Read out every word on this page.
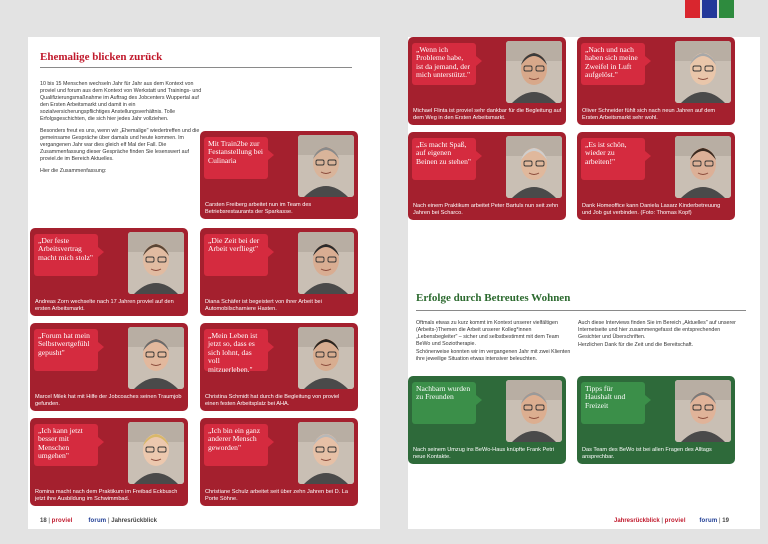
Ehemalige blicken zurück

10 bis 15 Menschen wechseln Jahr für Jahr aus dem Kontext von proviel und forum aus dem Kontext von Werkstatt und Trainings- und Qualifizierungsmaßnahme im Auftrag des Jobcenters Wuppertal auf den Ersten Arbeitsmarkt und damit in ein sozialversicherungspflichtiges Anstellungsverhältnis. Tolle Erfolgsgeschichten, die sich hier jedes Jahr vollziehen.

Besonders freut es uns, wenn wir „Ehemalige" wiedertreffen und die gemeinsame Gespräche über damals und heute kommen. Im vergangenen Jahr war dies gleich elf Mal der Fall. Die Zusammenfassung dieser Gespräche finden Sie lesenswert auf proviel.de im Bereich Aktuelles.

Hier die Zusammenfassung:

Erfolge durch Betreutes Wohnen

Oftmals etwas zu kurz kommt im Kontext unserer vielfältigen (Arbeits-)Themen die Arbeit unserer Kolleg*innen „Lebensbegleiter" – sicher und selbstbestimmt mit dem Team BeWo und Soziotherapie.

Schönerweise konnten wir im vergangenen Jahr mit zwei Klienten ihre jeweilige Situation etwas intensiver beleuchten.

Auch diese Interviews finden Sie im Bereich „Aktuelles" auf unserer Internetseite und hier zusammengefasst die entsprechenden Gesichter und Überschriften.

Herzlichen Dank für die Zeit und die Bereitschaft.

Mit Train2be zur Festanstellung bei Culinaria
Carsten Freiberg arbeitet nun im Team des Betriebsrestaurants der Sparkasse.
„Der feste Arbeitsvertrag macht mich stolz"
Andreas Zorn wechselte nach 17 Jahren proviel auf den ersten Arbeitsmarkt.
„Die Zeit bei der Arbeit verfliegt"
Diana Schäfer ist begeistert von ihrer Arbeit bei Automobilscharniere Hasten.
„Forum hat mein Selbstwertgefühl gepusht"
Marcel Milek hat mit Hilfe der Jobcoaches seinen Traumjob gefunden.
„Mein Leben ist jetzt so, dass es sich lohnt, das voll mitzuerleben."
Christina Schmidt hat durch die Begleitung von proviel einen festen Arbeitsplatz bei AHA.
„Ich kann jetzt besser mit Menschen umgehen"
Romina macht nach dem Praktikum im Freibad Eckbusch jetzt ihre Ausbildung im Schwimmbad.
„Ich bin ein ganz anderer Mensch geworden"
Christiane Schulz arbeitet seit über zehn Jahren bei D. La Porte Söhne.
„Wenn ich Probleme habe, ist da jemand, der mich unterstützt."
Michael Flinta ist proviel sehr dankbar für die Begleitung auf dem Weg in den Ersten Arbeitsmarkt.
„Nach und nach haben sich meine Zweifel in Luft aufgelöst."
Oliver Schneider fühlt sich nach neun Jahren auf dem Ersten Arbeitsmarkt sehr wohl.
„Es macht Spaß, auf eigenen Beinen zu stehen"
Nach einem Praktikum arbeitet Peter Bartuls nun seit zehn Jahren bei Scharco.
„Es ist schön, wieder zu arbeiten!"
Dank Homeoffice kann Daniela Lasarz Kinderbetreuung und Job gut verbinden. (Foto: Thomas Kopf)
Nachbarn wurden zu Freunden
Nach seinem Umzug ins BeWo-Haus knüpfte Frank Petri neue Kontakte.
Tipps für Haushalt und Freizeit
Das Team des BeWo ist bei allen Fragen des Alltags ansprechbar.
18 | proviel	forum | Jahresrückblick	Jahresrückblick | proviel forum | 19
